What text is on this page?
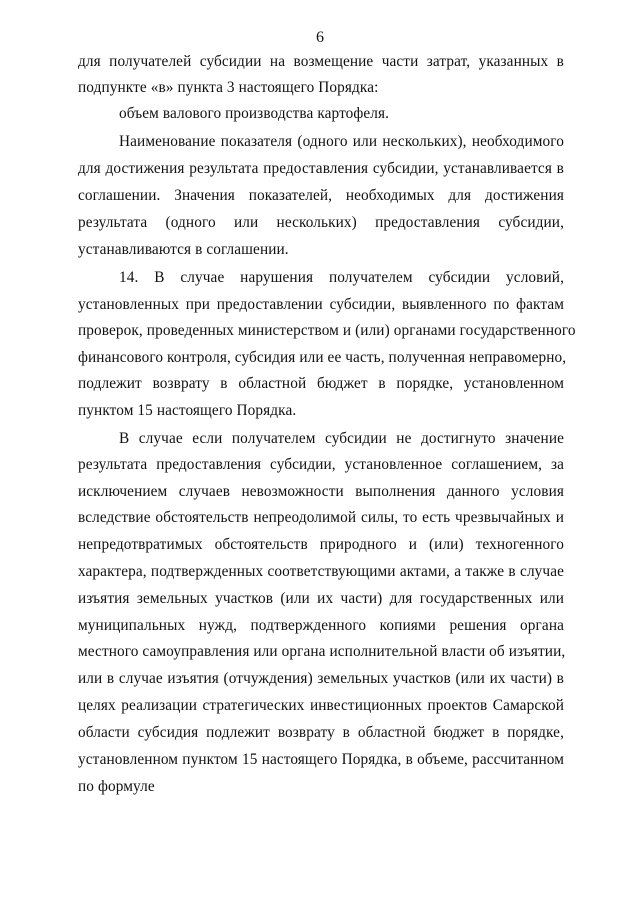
6
для получателей субсидии на возмещение части затрат, указанных в
подпункте «в» пункта 3 настоящего Порядка:
объем валового производства картофеля.
Наименование показателя (одного или нескольких), необходимого
для достижения результата предоставления субсидии, устанавливается в
соглашении. Значения показателей, необходимых для достижения
результата (одного или нескольких) предоставления субсидии,
устанавливаются в соглашении.
14. В случае нарушения получателем субсидии условий,
установленных при предоставлении субсидии, выявленного по фактам
проверок, проведенных министерством и (или) органами государственного
финансового контроля, субсидия или ее часть, полученная неправомерно,
подлежит возврату в областной бюджет в порядке, установленном
пунктом 15 настоящего Порядка.
В случае если получателем субсидии не достигнуто значение
результата предоставления субсидии, установленное соглашением, за
исключением случаев невозможности выполнения данного условия
вследствие обстоятельств непреодолимой силы, то есть чрезвычайных и
непредотвратимых обстоятельств природного и (или) техногенного
характера, подтвержденных соответствующими актами, а также в случае
изъятия земельных участков (или их части) для государственных или
муниципальных нужд, подтвержденного копиями решения органа
местного самоуправления или органа исполнительной власти об изъятии,
или в случае изъятия (отчуждения) земельных участков (или их части) в
целях реализации стратегических инвестиционных проектов Самарской
области субсидия подлежит возврату в областной бюджет в порядке,
установленном пунктом 15 настоящего Порядка, в объеме, рассчитанном
по формуле
